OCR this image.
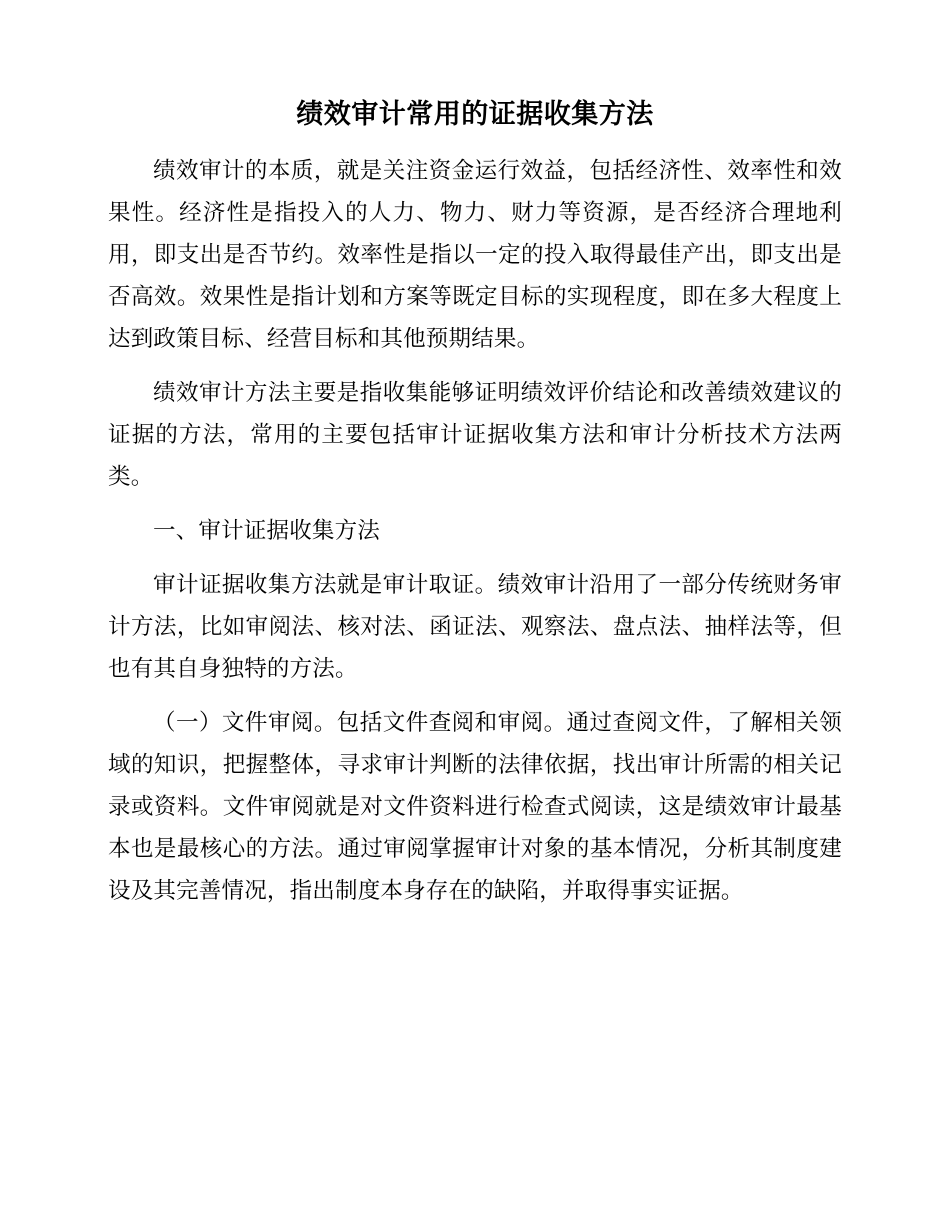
绩效审计常用的证据收集方法

绩效审计的本质，就是关注资金运行效益，包括经济性、效率性和效果性。经济性是指投入的人力、物力、财力等资源，是否经济合理地利用，即支出是否节约。效率性是指以一定的投入取得最佳产出，即支出是否高效。效果性是指计划和方案等既定目标的实现程度，即在多大程度上达到政策目标、经营目标和其他预期结果。

绩效审计方法主要是指收集能够证明绩效评价结论和改善绩效建议的证据的方法，常用的主要包括审计证据收集方法和审计分析技术方法两类。

一、审计证据收集方法

审计证据收集方法就是审计取证。绩效审计沿用了一部分传统财务审计方法，比如审阅法、核对法、函证法、观察法、盘点法、抽样法等，但也有其自身独特的方法。

（一）文件审阅。包括文件查阅和审阅。通过查阅文件，了解相关领域的知识，把握整体，寻求审计判断的法律依据，找出审计所需的相关记录或资料。文件审阅就是对文件资料进行检查式阅读，这是绩效审计最基本也是最核心的方法。通过审阅掌握审计对象的基本情况，分析其制度建设及其完善情况，指出制度本身存在的缺陷，并取得事实证据。
